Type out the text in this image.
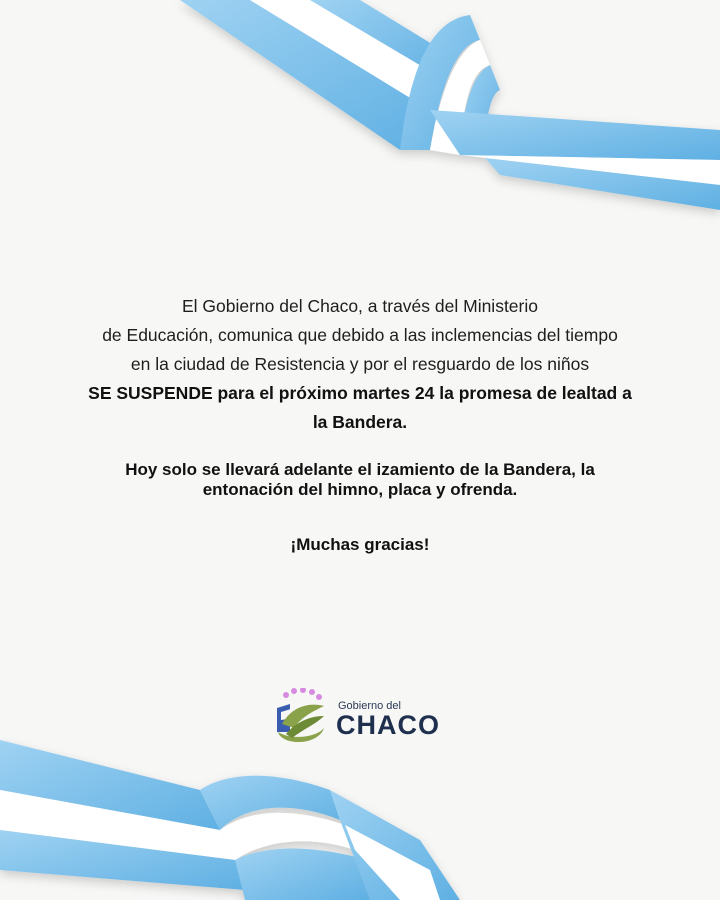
El Gobierno del Chaco, a través del Ministerio
de Educación, comunica que debido a las inclemencias del tiempo
en la ciudad de Resistencia y por el resguardo de los niños
SE SUSPENDE para el próximo martes 24 la promesa de lealtad a
la Bandera.
Hoy solo se llevará adelante el izamiento de la Bandera, la
entonación del himno, placa y ofrenda.
¡Muchas gracias!
Gobierno del
CHACO
